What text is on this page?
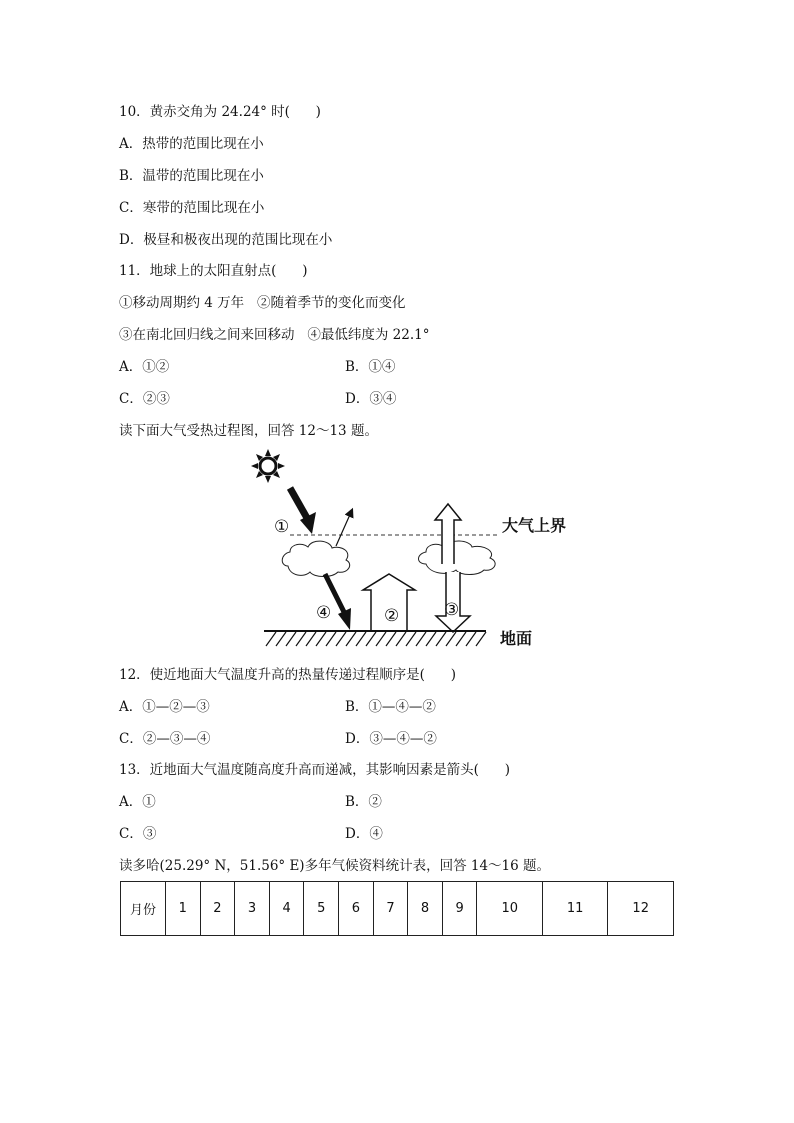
10．黄赤交角为 24.24° 时(      )
A．热带的范围比现在小
B．温带的范围比现在小
C．寒带的范围比现在小
D．极昼和极夜出现的范围比现在小
11．地球上的太阳直射点(      )
①移动周期约 4 万年   ②随着季节的变化而变化
③在南北回归线之间来回移动   ④最低纬度为 22.1°
A．①②	B．①④
C．②③	D．③④
读下面大气受热过程图，回答 12～13 题。
大气上界
①
④	②	③
地面
12．使近地面大气温度升高的热量传递过程顺序是(      )
A．①—②—③	B．①—④—②
C．②—③—④	D．③—④—②
13．近地面大气温度随高度升高而递减，其影响因素是箭头(      )
A．①	B．②
C．③	D．④
读多哈(25.29° N，51.56° E)多年气候资料统计表，回答 14～16 题。
月份	1	2	3	4	5	6	7	8	9	10	11	12
